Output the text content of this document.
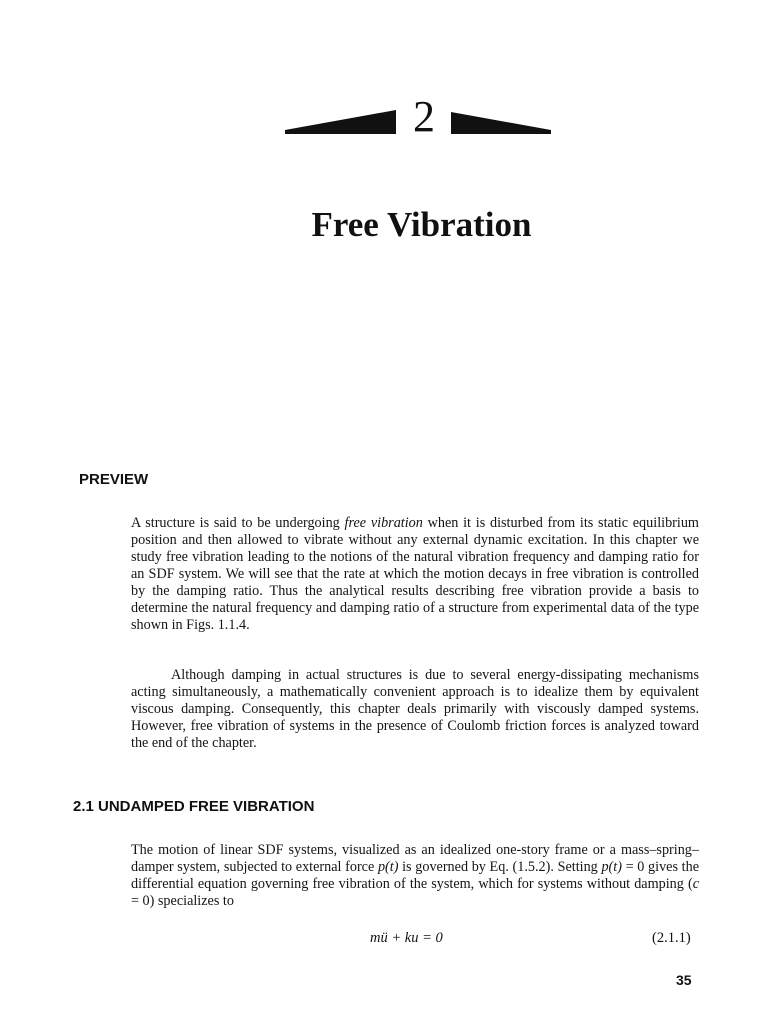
2
Free Vibration
PREVIEW

A structure is said to be undergoing free vibration when it is disturbed from its static equilibrium position and then allowed to vibrate without any external dynamic excitation. In this chapter we study free vibration leading to the notions of the natural vibration frequency and damping ratio for an SDF system. We will see that the rate at which the motion decays in free vibration is controlled by the damping ratio. Thus the analytical results describing free vibration provide a basis to determine the natural frequency and damping ratio of a structure from experimental data of the type shown in Figs. 1.1.4.

Although damping in actual structures is due to several energy-dissipating mechanisms acting simultaneously, a mathematically convenient approach is to idealize them by equivalent viscous damping. Consequently, this chapter deals primarily with viscously damped systems. However, free vibration of systems in the presence of Coulomb friction forces is analyzed toward the end of the chapter.

2.1 UNDAMPED FREE VIBRATION

The motion of linear SDF systems, visualized as an idealized one-story frame or a mass–spring–damper system, subjected to external force p(t) is governed by Eq. (1.5.2). Setting p(t) = 0 gives the differential equation governing free vibration of the system, which for systems without damping (c = 0) specializes to

mü + ku = 0	(2.1.1)
35
